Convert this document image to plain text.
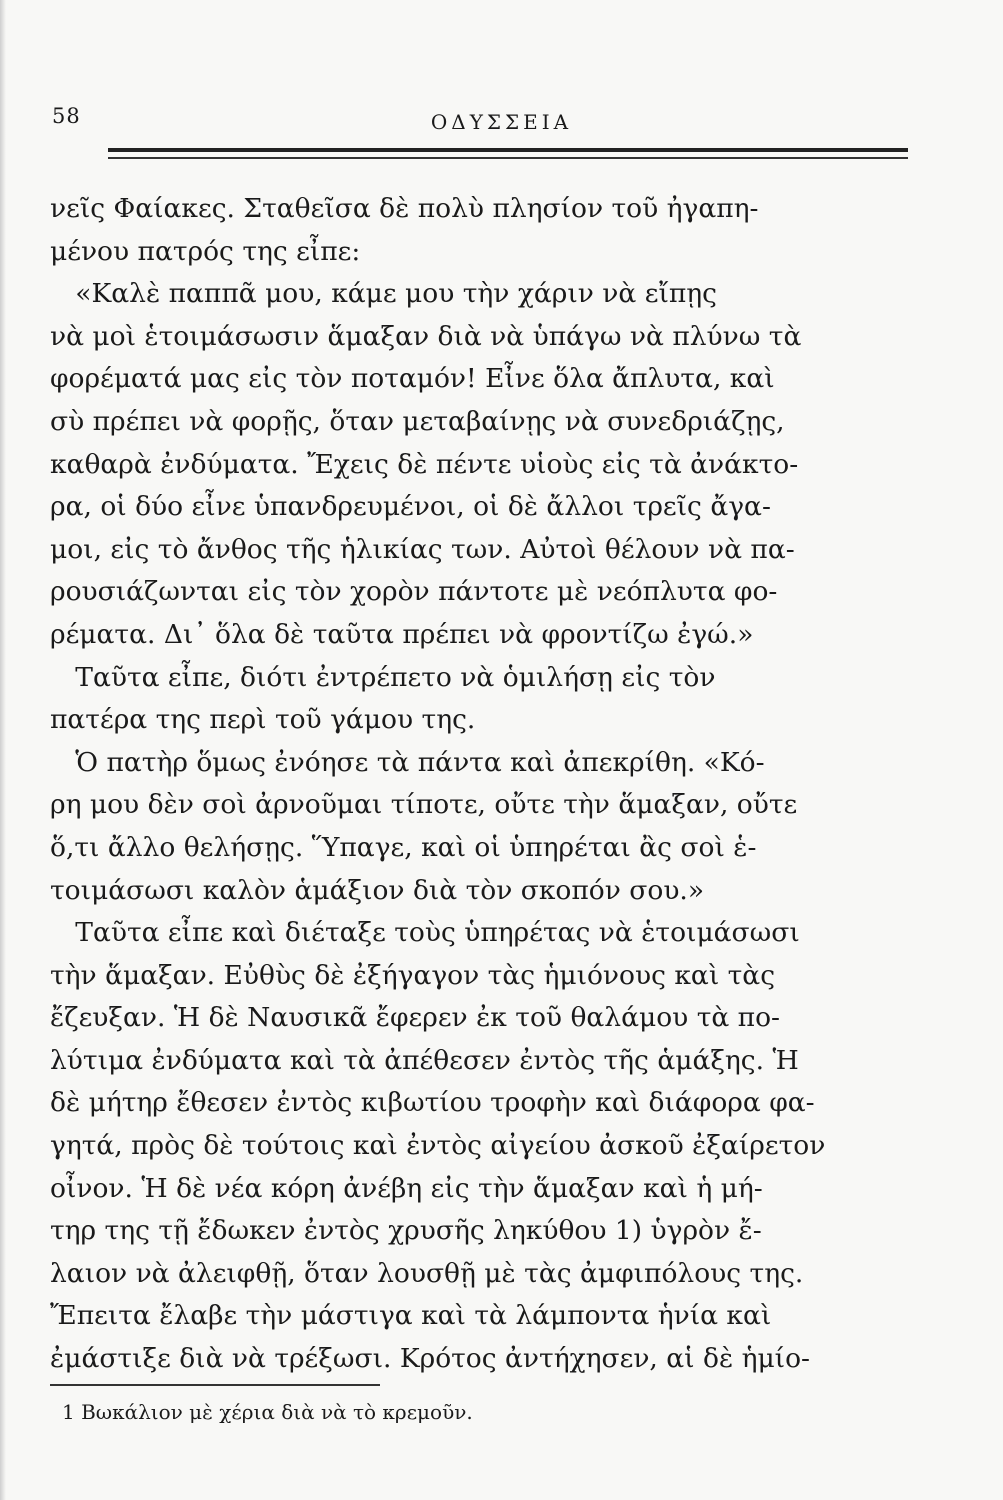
58	ΟΔΥΣΣΕΙΑ
νεῖς Φαίακες. Σταθεῖσα δὲ πολὺ πλησίον τοῦ ἠγαπη-
μένου πατρός της εἶπε:
«Καλὲ παππᾶ μου, κάμε μου τὴν χάριν νὰ εἴπῃς
νὰ μοὶ ἑτοιμάσωσιν ἅμαξαν διὰ νὰ ὑπάγω νὰ πλύνω τὰ
φορέματά μας εἰς τὸν ποταμόν! Εἶνε ὅλα ἄπλυτα, καὶ
σὺ πρέπει νὰ φορῇς, ὅταν μεταβαίνῃς νὰ συνεδριάζῃς,
καθαρὰ ἐνδύματα. Ἔχεις δὲ πέντε υἱοὺς εἰς τὰ ἀνάκτο-
ρα, οἱ δύο εἶνε ὑπανδρευμένοι, οἱ δὲ ἄλλοι τρεῖς ἄγα-
μοι, εἰς τὸ ἄνθος τῆς ἡλικίας των. Αὐτοὶ θέλουν νὰ πα-
ρουσιάζωνται εἰς τὸν χορὸν πάντοτε μὲ νεόπλυτα φο-
ρέματα. Δι᾽ ὅλα δὲ ταῦτα πρέπει νὰ φροντίζω ἐγώ.»
Ταῦτα εἶπε, διότι ἐντρέπετο νὰ ὁμιλήσῃ εἰς τὸν
πατέρα της περὶ τοῦ γάμου της.
Ὁ πατὴρ ὅμως ἐνόησε τὰ πάντα καὶ ἀπεκρίθη. «Κό-
ρη μου δὲν σοὶ ἀρνοῦμαι τίποτε, οὔτε τὴν ἅμαξαν, οὔτε
ὅ,τι ἄλλο θελήσῃς. Ὕπαγε, καὶ οἱ ὑπηρέται ἂς σοὶ ἑ-
τοιμάσωσι καλὸν ἁμάξιον διὰ τὸν σκοπόν σου.»
Ταῦτα εἶπε καὶ διέταξε τοὺς ὑπηρέτας νὰ ἑτοιμάσωσι
τὴν ἅμαξαν. Εὐθὺς δὲ ἐξήγαγον τὰς ἡμιόνους καὶ τὰς
ἔζευξαν. Ἡ δὲ Ναυσικᾶ ἔφερεν ἐκ τοῦ θαλάμου τὰ πο-
λύτιμα ἐνδύματα καὶ τὰ ἀπέθεσεν ἐντὸς τῆς ἁμάξης. Ἡ
δὲ μήτηρ ἔθεσεν ἐντὸς κιβωτίου τροφὴν καὶ διάφορα φα-
γητά, πρὸς δὲ τούτοις καὶ ἐντὸς αἰγείου ἀσκοῦ ἐξαίρετον
οἶνον. Ἡ δὲ νέα κόρη ἀνέβη εἰς τὴν ἅμαξαν καὶ ἡ μή-
τηρ της τῇ ἔδωκεν ἐντὸς χρυσῆς ληκύθου 1) ὑγρὸν ἔ-
λαιον νὰ ἀλειφθῇ, ὅταν λουσθῇ μὲ τὰς ἀμφιπόλους της.
Ἔπειτα ἔλαβε τὴν μάστιγα καὶ τὰ λάμποντα ἡνία καὶ
ἐμάστιξε διὰ νὰ τρέξωσι. Κρότος ἀντήχησεν, αἱ δὲ ἡμίο-
1 Βωκάλιον μὲ χέρια διὰ νὰ τὸ κρεμοῦν.
